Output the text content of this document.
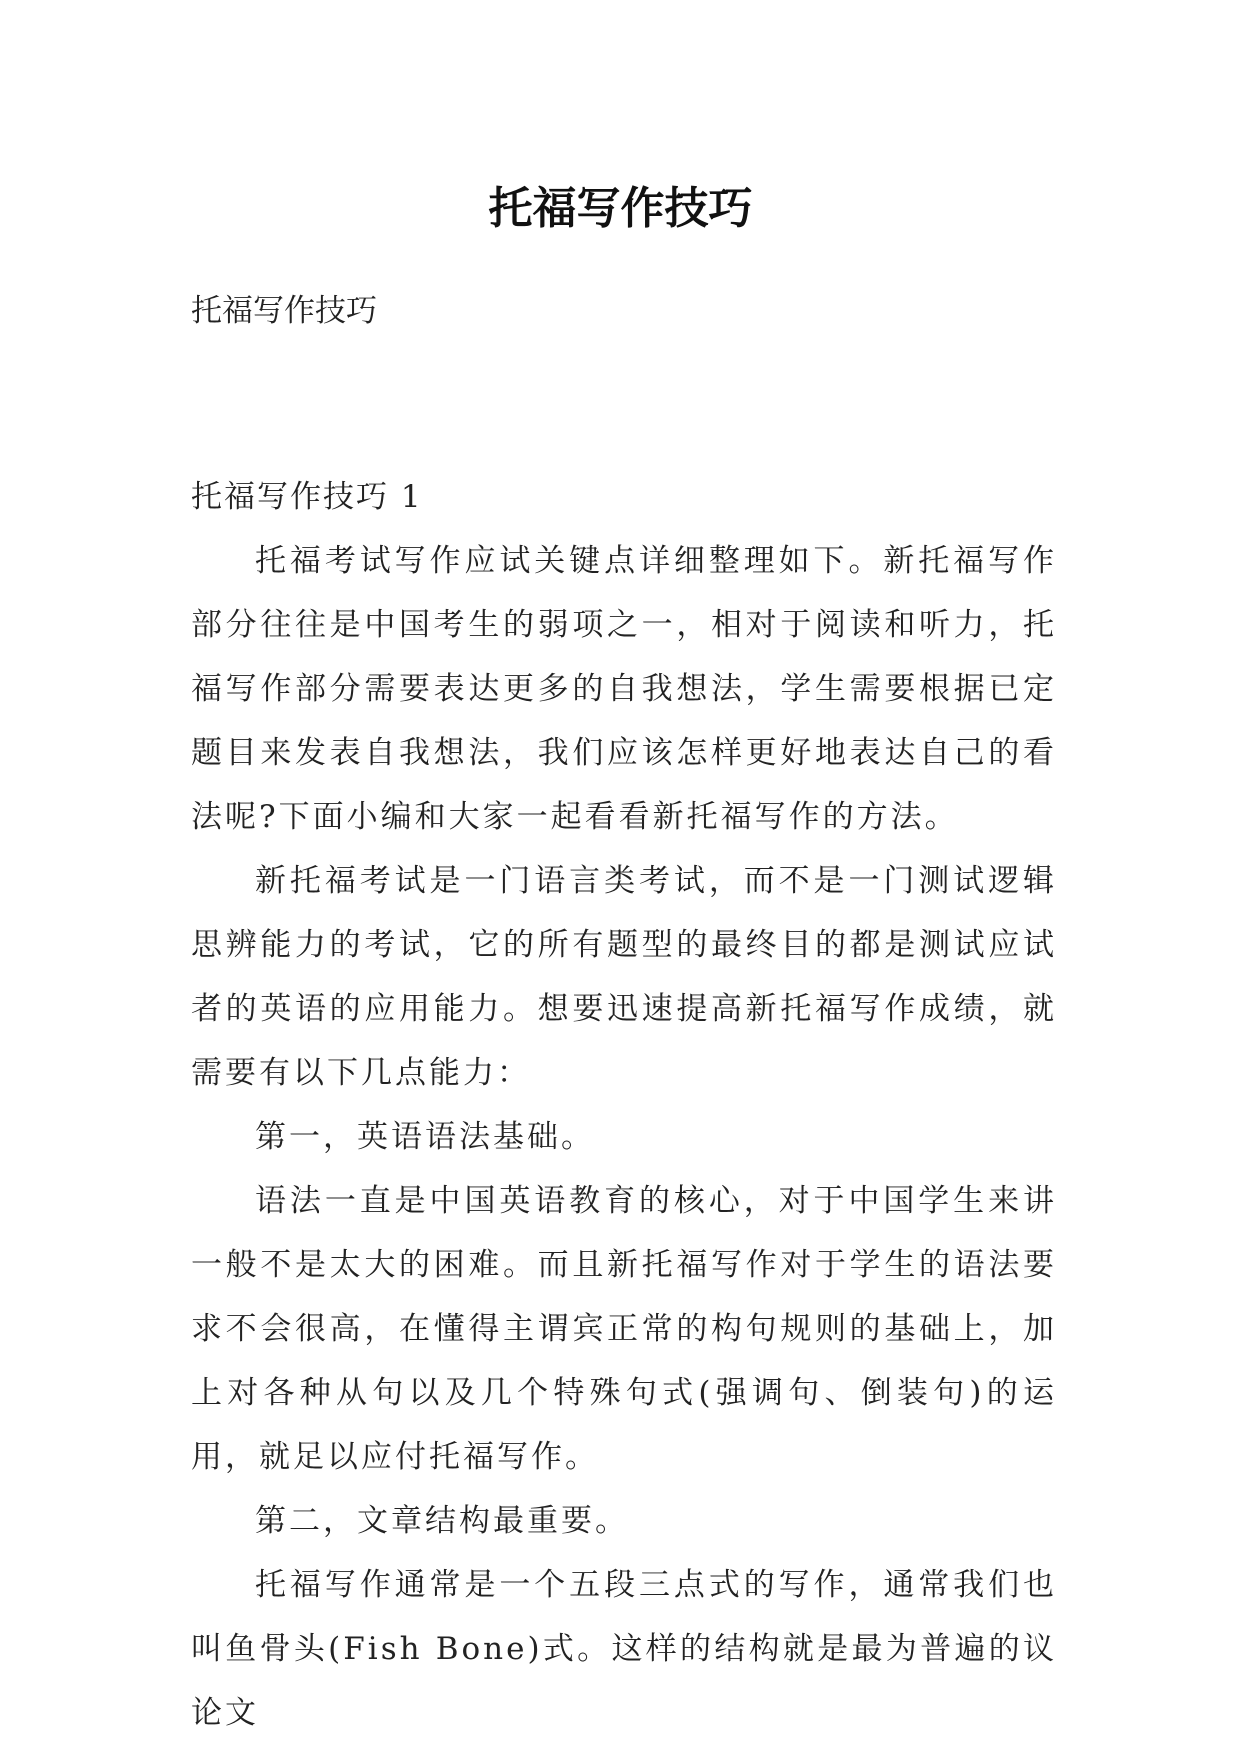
托福写作技巧
托福写作技巧
托福写作技巧 1

托福考试写作应试关键点详细整理如下。新托福写作部分往往是中国考生的弱项之一，相对于阅读和听力，托福写作部分需要表达更多的自我想法，学生需要根据已定题目来发表自我想法，我们应该怎样更好地表达自己的看法呢?下面小编和大家一起看看新托福写作的方法。

新托福考试是一门语言类考试，而不是一门测试逻辑思辨能力的考试，它的所有题型的最终目的都是测试应试者的英语的应用能力。想要迅速提高新托福写作成绩，就需要有以下几点能力：

第一，英语语法基础。

语法一直是中国英语教育的核心，对于中国学生来讲一般不是太大的困难。而且新托福写作对于学生的语法要求不会很高，在懂得主谓宾正常的构句规则的基础上，加上对各种从句以及几个特殊句式(强调句、倒装句)的运用，就足以应付托福写作。

第二，文章结构最重要。

托福写作通常是一个五段三点式的写作，通常我们也叫鱼骨头(Fish Bone)式。这样的结构就是最为普遍的议论文
